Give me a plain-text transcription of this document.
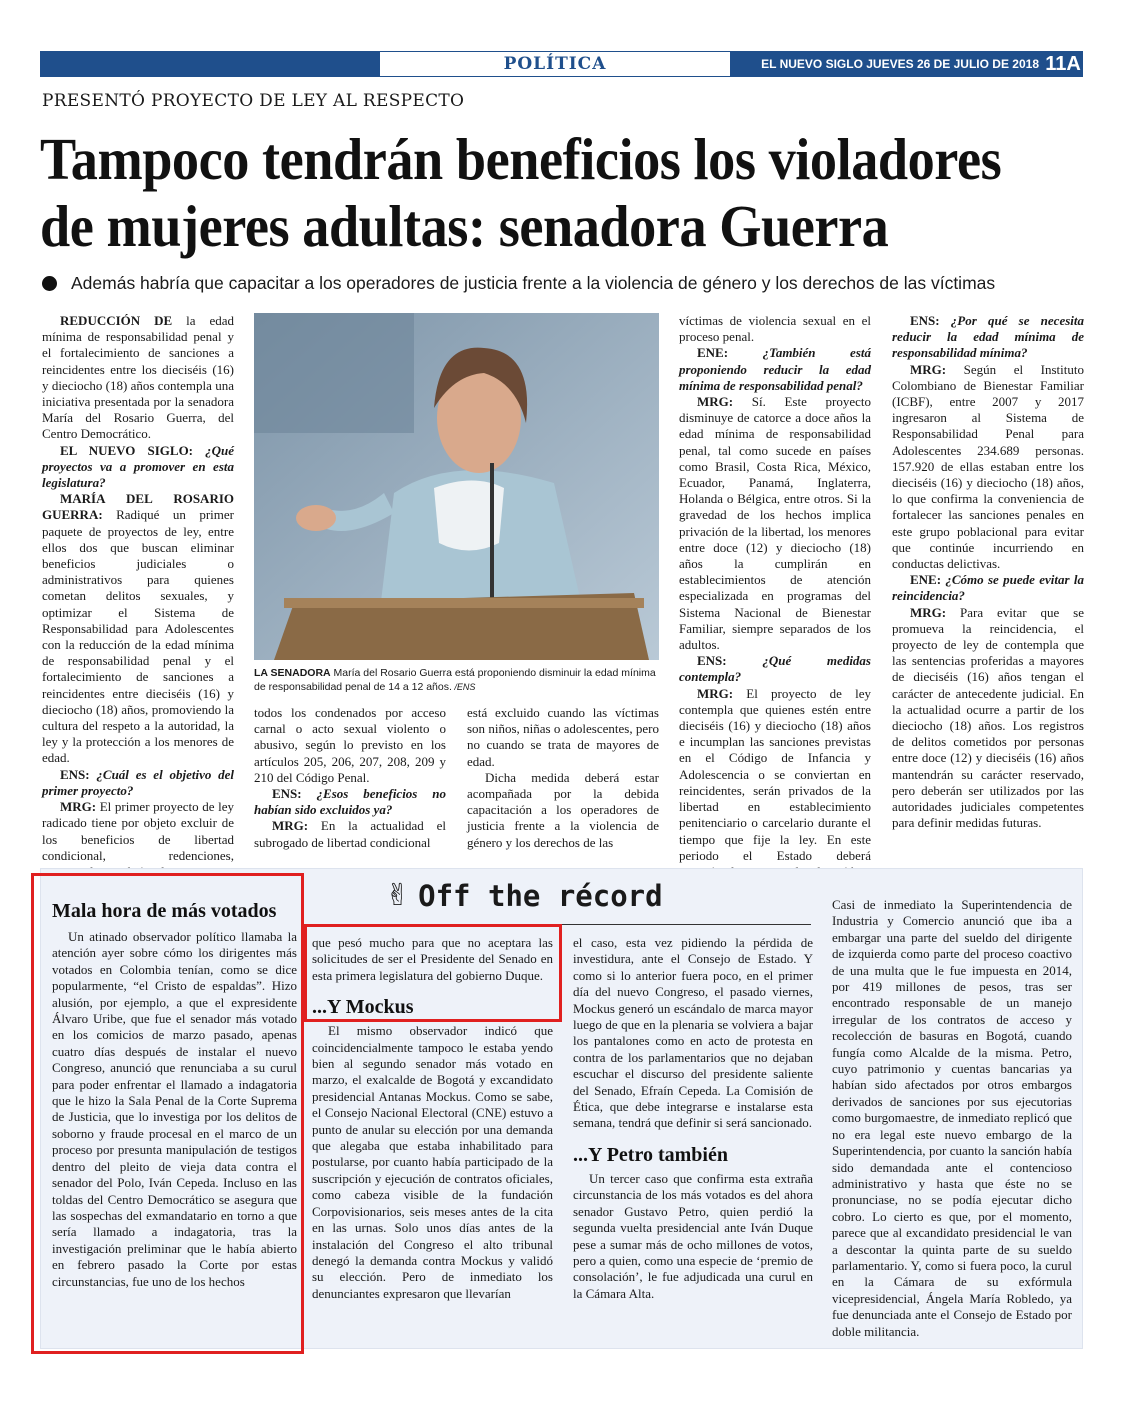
POLÍTICA	EL NUEVO SIGLO JUEVES 26 DE JULIO DE 2018 11A
PRESENTÓ PROYECTO DE LEY AL RESPECTO
Tampoco tendrán beneficios los violadores de mujeres adultas: senadora Guerra
Además habría que capacitar a los operadores de justicia frente a la violencia de género y los derechos de las víctimas

REDUCCIÓN DE la edad mínima de responsabilidad penal y el fortalecimiento de sanciones a reincidentes entre los dieciséis (16) y dieciocho (18) años contempla una iniciativa presentada por la senadora María del Rosario Guerra, del Centro Democrático.

EL NUEVO SIGLO: ¿Qué proyectos va a promover en esta legislatura?

MARÍA DEL ROSARIO GUERRA: Radiqué un primer paquete de proyectos de ley, entre ellos dos que buscan eliminar beneficios judiciales o administrativos para quienes cometan delitos sexuales, y optimizar el Sistema de Responsabilidad para Adolescentes con la reducción de la edad mínima de responsabilidad penal y el fortalecimiento de sanciones a reincidentes entre dieciséis (16) y dieciocho (18) años, promoviendo la cultura del respeto a la autoridad, la ley y la protección a los menores de edad.

ENS: ¿Cuál es el objetivo del primer proyecto?

MRG: El primer proyecto de ley radicado tiene por objeto excluir de los beneficios de libertad condicional, redenciones,

LA SENADORA María del Rosario Guerra está proponiendo disminuir la edad mínima de responsabilidad penal de 14 a 12 años. /ENS

todos los condenados por acceso carnal o acto sexual violento o abusivo, según lo previsto en los artículos 205, 206, 207, 208, 209 y 210 del Código Penal.

ENS: ¿Esos beneficios no habían sido excluidos ya?

MRG: En la actualidad el subrogado de libertad condicional

está excluido cuando las víctimas son niños, niñas o adolescentes, pero no cuando se trata de mayores de edad.

Dicha medida deberá estar acompañada por la debida capacitación a los operadores de justicia frente a la violencia de género y los derechos de las

víctimas de violencia sexual en el proceso penal.

ENE: ¿También está proponiendo reducir la edad mínima de responsabilidad penal?

MRG: Sí. Este proyecto disminuye de catorce a doce años la edad mínima de responsabilidad penal, tal como sucede en países como Brasil, Costa Rica, México, Ecuador, Panamá, Inglaterra, Holanda o Bélgica, entre otros. Si la gravedad de los hechos implica privación de la libertad, los menores entre doce (12) y dieciocho (18) años la cumplirán en establecimientos de atención especializada en programas del Sistema Nacional de Bienestar Familiar, siempre separados de los adultos.

ENS: ¿Qué medidas contempla?

MRG: El proyecto de ley contempla que quienes estén entre dieciséis (16) y dieciocho (18) años e incumplan las sanciones previstas en el Código de Infancia y Adolescencia o se conviertan en reincidentes, serán privados de la libertad en establecimiento penitenciario o carcelario durante el tiempo que fije la ley. En este periodo el Estado deberá

ENS: ¿Por qué se necesita reducir la edad mínima de responsabilidad mínima?

MRG: Según el Instituto Colombiano de Bienestar Familiar (ICBF), entre 2007 y 2017 ingresaron al Sistema de Responsabilidad Penal para Adolescentes 234.689 personas. 157.920 de ellas estaban entre los dieciséis (16) y dieciocho (18) años, lo que confirma la conveniencia de fortalecer las sanciones penales en este grupo poblacional para evitar que continúe incurriendo en conductas delictivas.

ENE: ¿Cómo se puede evitar la reincidencia?

MRG: Para evitar que se promueva la reincidencia, el proyecto de ley de contempla que las sentencias proferidas a mayores de dieciséis (16) años tengan el carácter de antecedente judicial. En la actualidad ocurre a partir de los dieciocho (18) años. Los registros de delitos cometidos por personas entre doce (12) y dieciséis (16) años mantendrán su carácter reservado, pero deberán ser utilizados por las autoridades judiciales competentes para definir medidas futuras.

✌ Off the récord
Mala hora de más votados

Un atinado observador político llamaba la atención ayer sobre cómo los dirigentes más votados en Colombia tenían, como se dice popularmente, “el Cristo de espaldas”. Hizo alusión, por ejemplo, a que el expresidente Álvaro Uribe, que fue el senador más votado en los comicios de marzo pasado, apenas cuatro días después de instalar el nuevo Congreso, anunció que renunciaba a su curul para poder enfrentar el llamado a indagatoria que le hizo la Sala Penal de la Corte Suprema de Justicia, que lo investiga por los delitos de soborno y fraude procesal en el marco de un proceso por presunta manipulación de testigos dentro del pleito de vieja data contra el senador del Polo, Iván Cepeda. Incluso en las toldas del Centro Democrático se asegura que las sospechas del exmandatario en torno a que sería llamado a indagatoria, tras la investigación preliminar que le había abierto en febrero pasado la Corte por estas circunstancias, fue uno de los hechos

que pesó mucho para que no aceptara las solicitudes de ser el Presidente del Senado en esta primera legislatura del gobierno Duque.

...Y Mockus

El mismo observador indicó que coincidencialmente tampoco le estaba yendo bien al segundo senador más votado en marzo, el exalcalde de Bogotá y excandidato presidencial Antanas Mockus. Como se sabe, el Consejo Nacional Electoral (CNE) estuvo a punto de anular su elección por una demanda que alegaba que estaba inhabilitado para postularse, por cuanto había participado de la suscripción y ejecución de contratos oficiales, como cabeza visible de la fundación Corpovisionarios, seis meses antes de la cita en las urnas. Solo unos días antes de la instalación del Congreso el alto tribunal denegó la demanda contra Mockus y validó su elección. Pero de inmediato los denunciantes expresaron que llevarían

el caso, esta vez pidiendo la pérdida de investidura, ante el Consejo de Estado. Y como si lo anterior fuera poco, en el primer día del nuevo Congreso, el pasado viernes, Mockus generó un escándalo de marca mayor luego de que en la plenaria se volviera a bajar los pantalones como en acto de protesta en contra de los parlamentarios que no dejaban escuchar el discurso del presidente saliente del Senado, Efraín Cepeda. La Comisión de Ética, que debe integrarse e instalarse esta semana, tendrá que definir si será sancionado.

...Y Petro también

Un tercer caso que confirma esta extraña circunstancia de los más votados es del ahora senador Gustavo Petro, quien perdió la segunda vuelta presidencial ante Iván Duque pese a sumar más de ocho millones de votos, pero a quien, como una especie de ‘premio de consolación’, le fue adjudicada una curul en la Cámara Alta.

Casi de inmediato la Superintendencia de Industria y Comercio anunció que iba a embargar una parte del sueldo del dirigente de izquierda como parte del proceso coactivo de una multa que le fue impuesta en 2014, por 419 millones de pesos, tras ser encontrado responsable de un manejo irregular de los contratos de acceso y recolección de basuras en Bogotá, cuando fungía como Alcalde de la misma. Petro, cuyo patrimonio y cuentas bancarias ya habían sido afectados por otros embargos derivados de sanciones por sus ejecutorias como burgomaestre, de inmediato replicó que no era legal este nuevo embargo de la Superintendencia, por cuanto la sanción había sido demandada ante el contencioso administrativo y hasta que éste no se pronunciase, no se podía ejecutar dicho cobro. Lo cierto es que, por el momento, parece que al excandidato presidencial le van a descontar la quinta parte de su sueldo parlamentario. Y, como si fuera poco, la curul en la Cámara de su exfórmula vicepresidencial, Ángela María Robledo, ya fue denunciada ante el Consejo de Estado por doble militancia.
